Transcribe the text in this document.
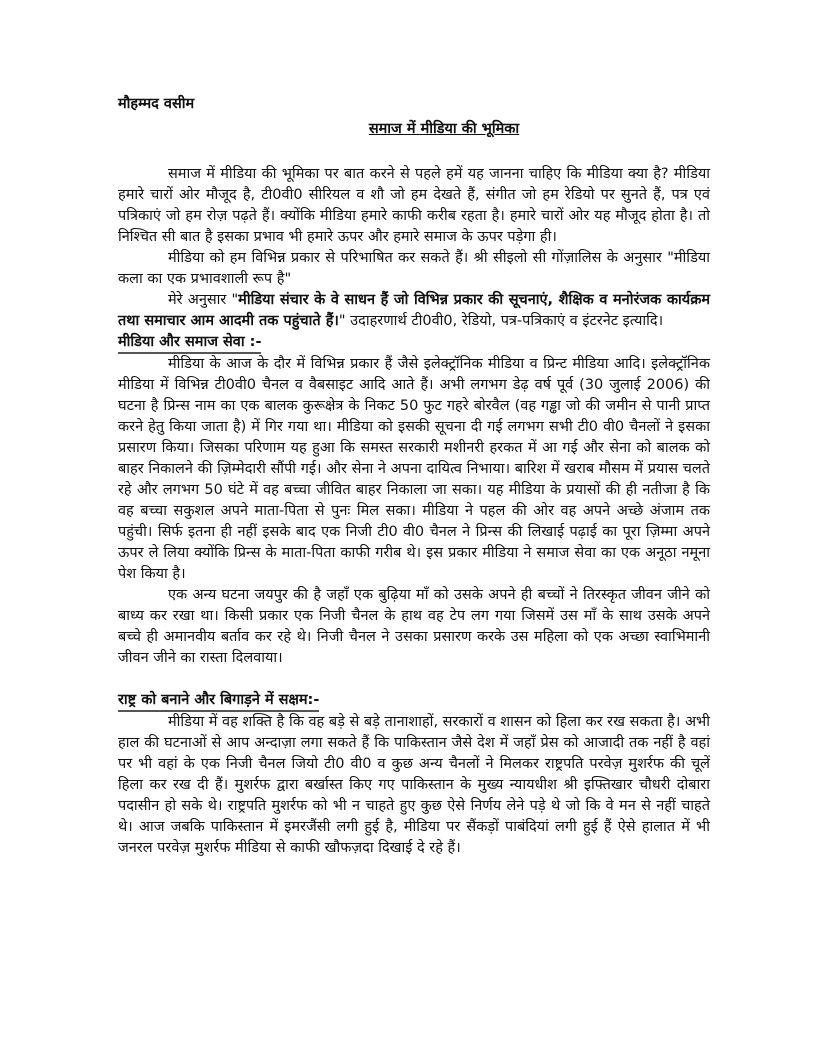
मौहम्मद वसीम
समाज में मीडिया की भूमिका

समाज में मीडिया की भूमिका पर बात करने से पहले हमें यह जानना चाहिए कि मीडिया क्या है? मीडिया हमारे चारों ओर मौजूद है, टी0वी0 सीरियल व शौ जो हम देखते हैं, संगीत जो हम रेडियो पर सुनते हैं, पत्र एवं पत्रिकाएं जो हम रोज़ पढ़ते हैं। क्योंकि मीडिया हमारे काफी करीब रहता है। हमारे चारों ओर यह मौजूद होता है। तो निश्चित सी बात है इसका प्रभाव भी हमारे ऊपर और हमारे समाज के ऊपर पड़ेगा ही।

मीडिया को हम विभिन्न प्रकार से परिभाषित कर सकते हैं। श्री सीइलो सी गोंज़ालिस के अनुसार "मीडिया कला का एक प्रभावशाली रूप है"

मेरे अनुसार "मीडिया संचार के वे साधन हैं जो विभिन्न प्रकार की सूचनाएं, शैक्षिक व मनोरंजक कार्यक्रम तथा समाचार आम आदमी तक पहुंचाते हैं।" उदाहरणार्थ टी0वी0, रेडियो, पत्र-पत्रिकाएं व इंटरनेट इत्यादि।

मीडिया और समाज सेवा :-

मीडिया के आज के दौर में विभिन्न प्रकार हैं जैसे इलेक्ट्रॉनिक मीडिया व प्रिन्ट मीडिया आदि। इलेक्ट्रॉनिक मीडिया में विभिन्न टी0वी0 चैनल व वैबसाइट आदि आते हैं। अभी लगभग डेढ़ वर्ष पूर्व (30 जुलाई 2006) की घटना है प्रिन्स नाम का एक बालक कुरूक्षेत्र के निकट 50 फुट गहरे बोरवैल (वह गड्ढा जो की जमीन से पानी प्राप्त करने हेतु किया जाता है) में गिर गया था। मीडिया को इसकी सूचना दी गई लगभग सभी टी0 वी0 चैनलों ने इसका प्रसारण किया। जिसका परिणाम यह हुआ कि समस्त सरकारी मशीनरी हरकत में आ गई और सेना को बालक को बाहर निकालने की ज़िम्मेदारी सौंपी गई। और सेना ने अपना दायित्व निभाया। बारिश में खराब मौसम में प्रयास चलते रहे और लगभग 50 घंटे में वह बच्चा जीवित बाहर निकाला जा सका। यह मीडिया के प्रयासों की ही नतीजा है कि वह बच्चा सकुशल अपने माता-पिता से पुनः मिल सका। मीडिया ने पहल की ओर वह अपने अच्छे अंजाम तक पहुंची। सिर्फ इतना ही नहीं इसके बाद एक निजी टी0 वी0 चैनल ने प्रिन्स की लिखाई पढ़ाई का पूरा ज़िम्मा अपने ऊपर ले लिया क्योंकि प्रिन्स के माता-पिता काफी गरीब थे। इस प्रकार मीडिया ने समाज सेवा का एक अनूठा नमूना पेश किया है।

एक अन्य घटना जयपुर की है जहाँ एक बुढ़िया माँ को उसके अपने ही बच्चों ने तिरस्कृत जीवन जीने को बाध्य कर रखा था। किसी प्रकार एक निजी चैनल के हाथ वह टेप लग गया जिसमें उस माँ के साथ उसके अपने बच्चे ही अमानवीय बर्ताव कर रहे थे। निजी चैनल ने उसका प्रसारण करके उस महिला को एक अच्छा स्वाभिमानी जीवन जीने का रास्ता दिलवाया।

राष्ट्र को बनाने और बिगाड़ने में सक्षम:-

मीडिया में वह शक्ति है कि वह बड़े से बड़े तानाशाहों, सरकारों व शासन को हिला कर रख सकता है। अभी हाल की घटनाओं से आप अन्दाज़ा लगा सकते हैं कि पाकिस्तान जैसे देश में जहाँ प्रेस को आजादी तक नहीं है वहां पर भी वहां के एक निजी चैनल जियो टी0 वी0 व कुछ अन्य चैनलों ने मिलकर राष्ट्रपति परवेज़ मुशर्रफ की चूलें हिला कर रख दी हैं। मुशर्रफ द्वारा बर्खास्त किए गए पाकिस्तान के मुख्य न्यायधीश श्री इफ्तिखार चौधरी दोबारा पदासीन हो सके थे। राष्ट्रपति मुशर्रफ को भी न चाहते हुए कुछ ऐसे निर्णय लेने पड़े थे जो कि वे मन से नहीं चाहते थे। आज जबकि पाकिस्तान में इमरजैंसी लगी हुई है, मीडिया पर सैंकड़ों पाबंदियां लगी हुई हैं ऐसे हालात में भी जनरल परवेज़ मुशर्रफ मीडिया से काफी खौफज़दा दिखाई दे रहे हैं।
